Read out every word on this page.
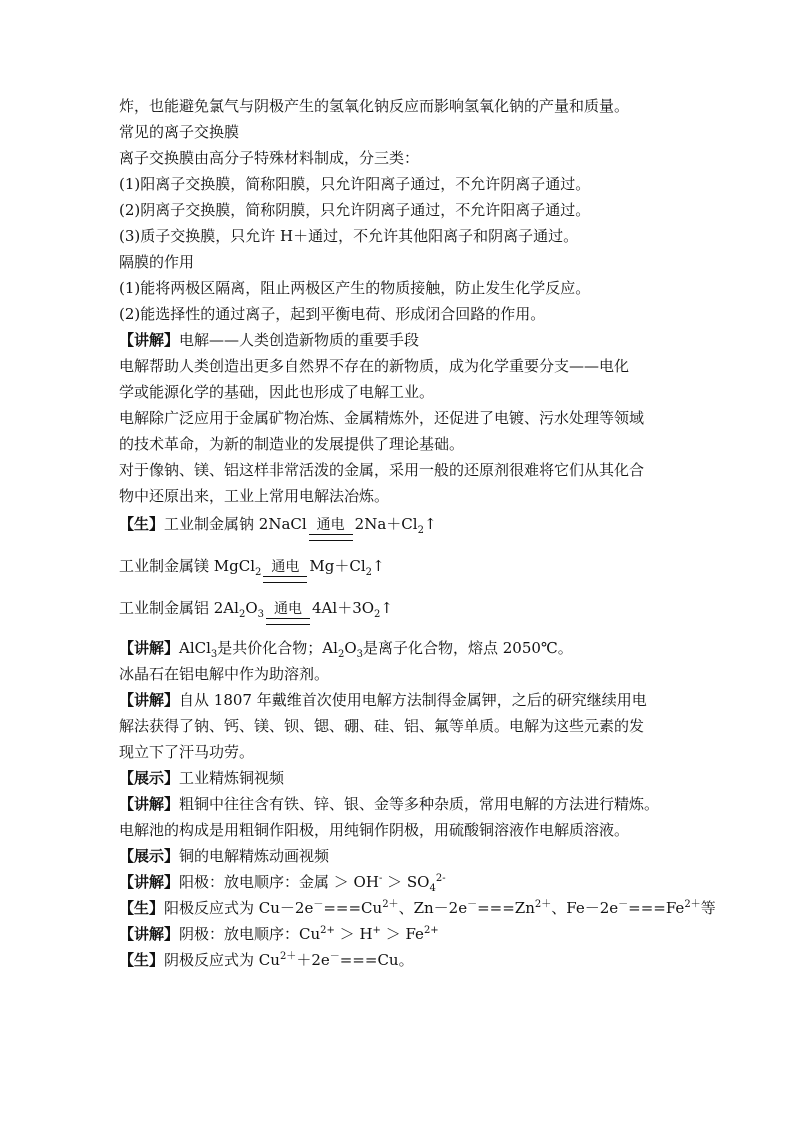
炸，也能避免氯气与阴极产生的氢氧化钠反应而影响氢氧化钠的产量和质量。
常见的离子交换膜
离子交换膜由高分子特殊材料制成，分三类：
(1)阳离子交换膜，简称阳膜，只允许阳离子通过，不允许阴离子通过。
(2)阴离子交换膜，简称阴膜，只允许阴离子通过，不允许阳离子通过。
(3)质子交换膜，只允许 H＋通过，不允许其他阳离子和阴离子通过。
隔膜的作用
(1)能将两极区隔离，阻止两极区产生的物质接触，防止发生化学反应。
(2)能选择性的通过离子，起到平衡电荷、形成闭合回路的作用。
【讲解】电解——人类创造新物质的重要手段
电解帮助人类创造出更多自然界不存在的新物质，成为化学重要分支——电化
学或能源化学的基础，因此也形成了电解工业。
电解除广泛应用于金属矿物冶炼、金属精炼外，还促进了电镀、污水处理等领域
的技术革命，为新的制造业的发展提供了理论基础。
对于像钠、镁、铝这样非常活泼的金属，采用一般的还原剂很难将它们从其化合
物中还原出来，工业上常用电解法冶炼。
【生】工业制金属钠 2NaCl 通电 $2Na+Cl_2↑$
工业制金属镁 MgCl$_2$ 通电 $Mg+Cl_2↑$
工业制金属铝 $2Al_2O_3$ 通电 $4Al+3O_2↑$
【讲解】AlCl$_3$是共价化合物；$Al_2O_3$是离子化合物，熔点 2050℃。
冰晶石在铝电解中作为助溶剂。
【讲解】自从 1807 年戴维首次使用电解方法制得金属钾，之后的研究继续用电
解法获得了钠、钙、镁、钡、锶、硼、硅、铝、氟等单质。电解为这些元素的发
现立下了汗马功劳。
【展示】工业精炼铜视频
【讲解】粗铜中往往含有铁、锌、银、金等多种杂质，常用电解的方法进行精炼。
电解池的构成是用粗铜作阳极，用纯铜作阴极，用硫酸铜溶液作电解质溶液。
【展示】铜的电解精炼动画视频
【讲解】阳极：放电顺序：金属 ＞ $OH^- > SO_4^{2-}$
【生】阳极反应式为 $Cu-2e^-===Cu^{2+}$、$Zn-2e^-===Zn^{2+}$、$Fe-2e^-===Fe^{2+}$等
【讲解】阴极：放电顺序：$Cu^{2+} > H^+ > Fe^{2+}$
【生】阴极反应式为 $Cu^{2+}+2e^-===Cu$。
